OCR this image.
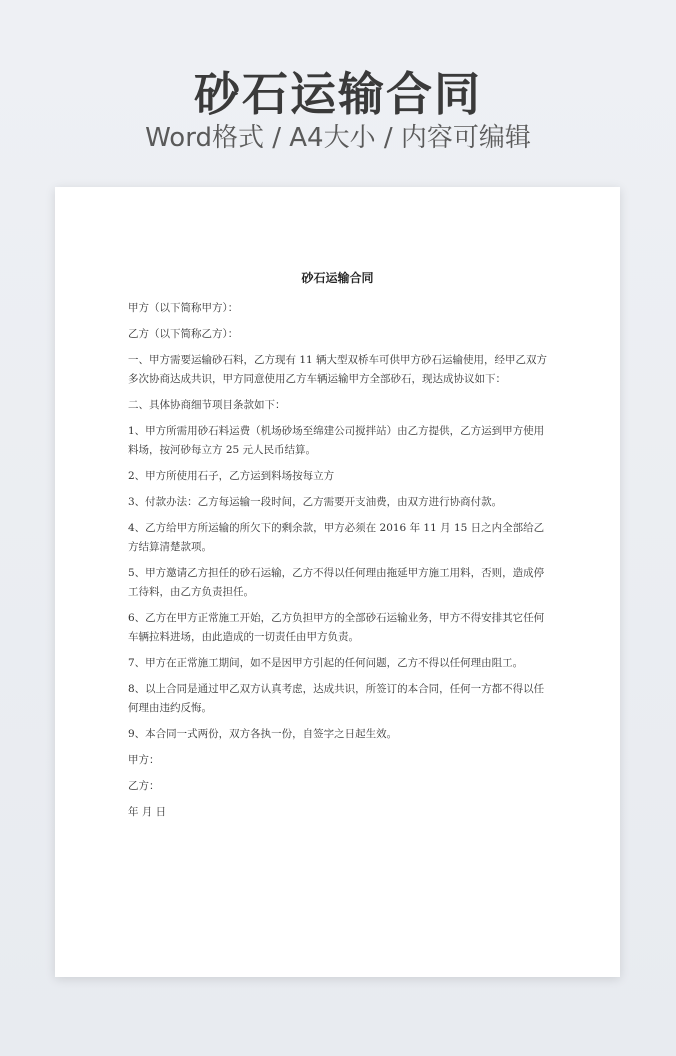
砂石运输合同
Word格式 / A4大小 / 内容可编辑
砂石运输合同

甲方（以下简称甲方）：

乙方（以下简称乙方）：

一、甲方需要运输砂石料，乙方现有 11 辆大型双桥车可供甲方砂石运输使用，经甲乙双方多次协商达成共识，甲方同意使用乙方车辆运输甲方全部砂石，现达成协议如下：

二、具体协商细节项目条款如下：

1、甲方所需用砂石料运费（机场砂场至绵建公司搅拌站）由乙方提供，乙方运到甲方使用料场，按河砂每立方 25 元人民币结算。

2、甲方所使用石子，乙方运到料场按每立方

3、付款办法：乙方每运输一段时间，乙方需要开支油费，由双方进行协商付款。

4、乙方给甲方所运输的所欠下的剩余款，甲方必须在 2016 年 11 月 15 日之内全部给乙方结算清楚款项。

5、甲方邀请乙方担任的砂石运输，乙方不得以任何理由拖延甲方施工用料，否则，造成停工待料，由乙方负责担任。

6、乙方在甲方正常施工开始，乙方负担甲方的全部砂石运输业务，甲方不得安排其它任何车辆拉料进场，由此造成的一切责任由甲方负责。

7、甲方在正常施工期间，如不是因甲方引起的任何问题，乙方不得以任何理由阻工。

8、以上合同是通过甲乙双方认真考虑，达成共识，所签订的本合同，任何一方都不得以任何理由违约反悔。

9、本合同一式两份，双方各执一份，自签字之日起生效。

甲方：

乙方：

年 月 日
